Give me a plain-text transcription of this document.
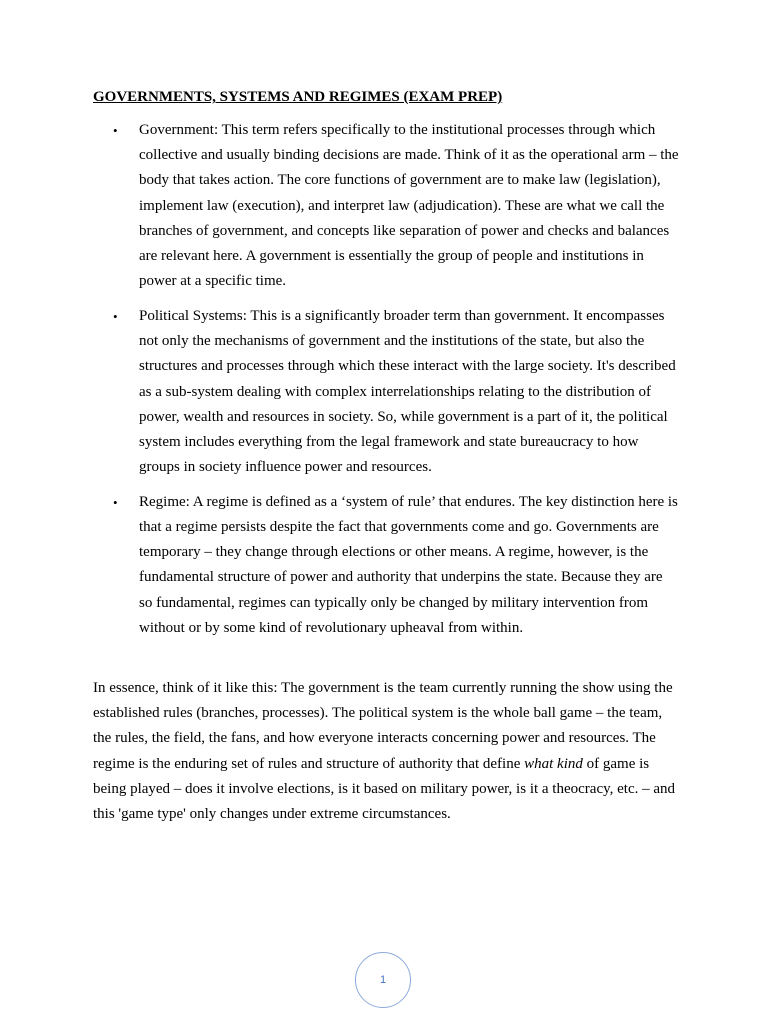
GOVERNMENTS, SYSTEMS AND REGIMES (EXAM PREP)
• Government: This term refers specifically to the institutional processes through which collective and usually binding decisions are made. Think of it as the operational arm – the body that takes action. The core functions of government are to make law (legislation), implement law (execution), and interpret law (adjudication). These are what we call the branches of government, and concepts like separation of power and checks and balances are relevant here. A government is essentially the group of people and institutions in power at a specific time.
• Political Systems: This is a significantly broader term than government. It encompasses not only the mechanisms of government and the institutions of the state, but also the structures and processes through which these interact with the large society. It's described as a sub-system dealing with complex interrelationships relating to the distribution of power, wealth and resources in society. So, while government is a part of it, the political system includes everything from the legal framework and state bureaucracy to how groups in society influence power and resources.
• Regime: A regime is defined as a ‘system of rule’ that endures. The key distinction here is that a regime persists despite the fact that governments come and go. Governments are temporary – they change through elections or other means. A regime, however, is the fundamental structure of power and authority that underpins the state. Because they are so fundamental, regimes can typically only be changed by military intervention from without or by some kind of revolutionary upheaval from within.

In essence, think of it like this: The government is the team currently running the show using the established rules (branches, processes). The political system is the whole ball game – the team, the rules, the field, the fans, and how everyone interacts concerning power and resources. The regime is the enduring set of rules and structure of authority that define what kind of game is being played – does it involve elections, is it based on military power, is it a theocracy, etc. – and this 'game type' only changes under extreme circumstances.

1
